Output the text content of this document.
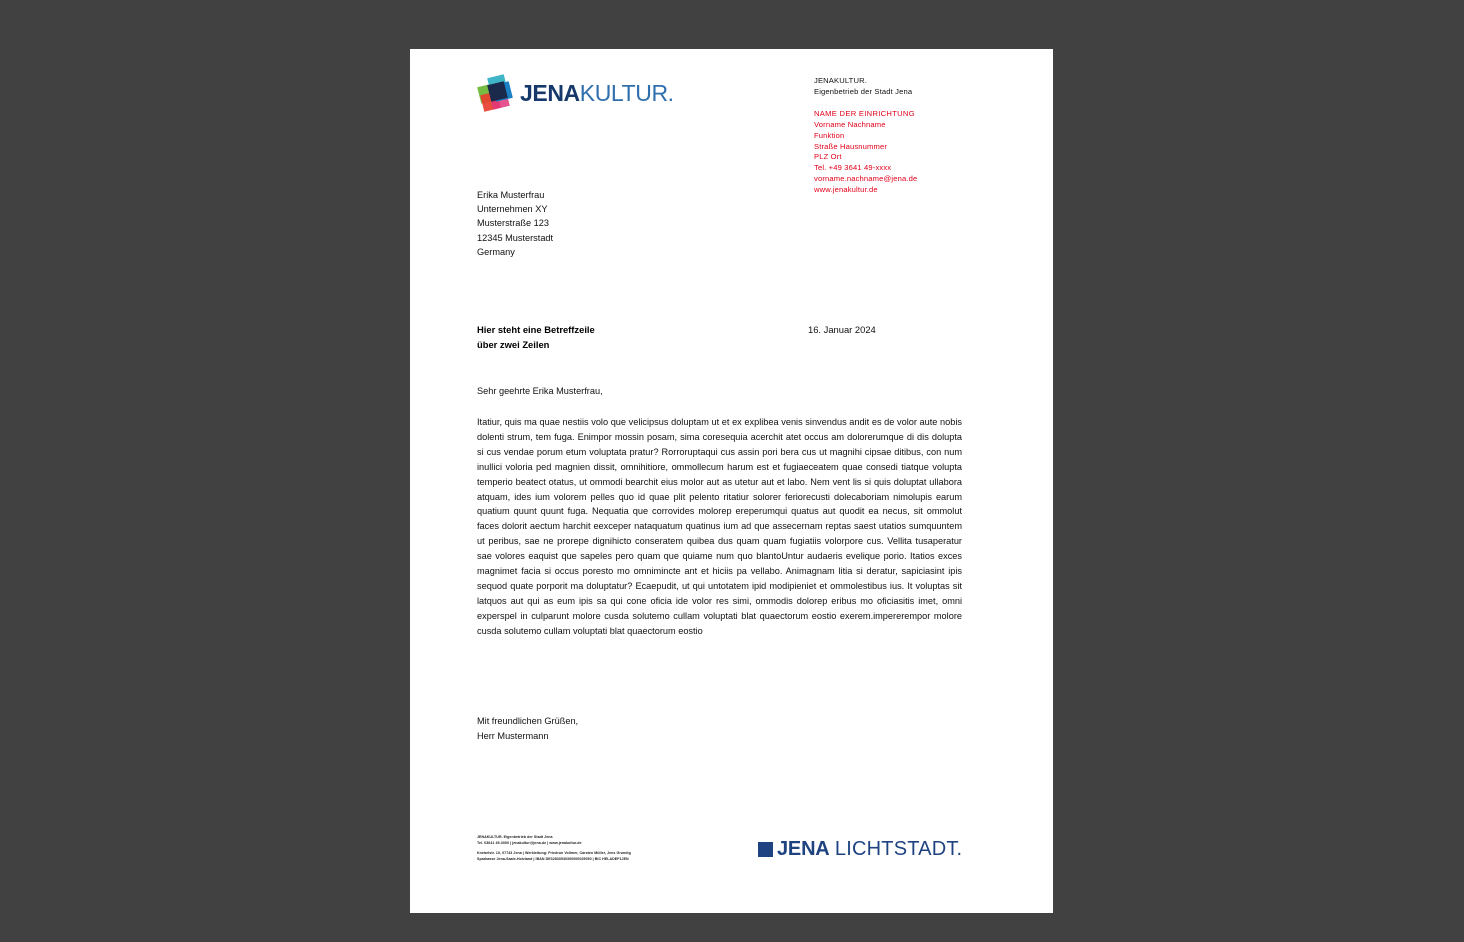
JENAKULTUR.	JENAKULTUR.
Eigenbetrieb der Stadt Jena
NAME DER EINRICHTUNG
Vorname Nachname
Funktion
Straße Hausnummer
PLZ Ort
Tel. +49 3641 49-xxxx
vorname.nachname@jena.de
www.jenakultur.de
Erika Musterfrau
Unternehmen XY
Musterstraße 123
12345 Musterstadt
Germany
Hier steht eine Betreffzeile
über zwei Zeilen
16. Januar 2024
Sehr geehrte Erika Musterfrau,
Itatiur, quis ma quae nestiis volo que velicipsus doluptam ut et ex explibea venis sinvendus andit es de volor aute nobis dolenti strum, tem fuga. Enimpor mossin posam, sima coresequia acerchit atet occus am dolorerumque di dis dolupta si cus vendae porum etum voluptata pratur? Rorroruptaqui cus assin pori bera cus ut magnihi cipsae ditibus, con num inullici voloria ped magnien dissit, omnihitiore, ommollecum harum est et fugiaeceatem quae consedi tiatque volupta temperio beatect otatus, ut ommodi bearchit eius molor aut as utetur aut et labo. Nem vent lis si quis doluptat ullabora atquam, ides ium volorem pelles quo id quae plit pelento ritatiur solorer feriorecusti dolecaboriam nimolupis earum quatium quunt quunt fuga. Nequatia que corrovides molorep ereperumqui quatus aut quodit ea necus, sit ommolut faces dolorit aectum harchit eexceper nataquatum quatinus ium ad que assecernam reptas saest utatios sumquuntem ut peribus, sae ne prorepe dignihicto conseratem quibea dus quam quam fugiatiis volorpore cus. Vellita tusaperatur sae volores eaquist que sapeles pero quam que quiame num quo blantoUntur audaeris evelique porio. Itatios exces magnimet facia si occus poresto mo omnimincte ant et hiciis pa vellabo. Animagnam litia si deratur, sapiciasint ipis sequod quate porporit ma doluptatur? Ecaepudit, ut qui untotatem ipid modipieniet et ommolestibus ius. It voluptas sit latquos aut qui as eum ipis sa qui cone oficia ide volor res simi, ommodis dolorep eribus mo oficiasitis imet, omni experspel in culparunt molore cusda solutemo cullam voluptati blat quaectorum eostio exerem.impererempor molore cusda solutemo cullam voluptati blat quaectorum eostio
Mit freundlichen Grüßen,
Herr Mustermann
JENAKULTUR. Eigenbetrieb der Stadt Jena
Tel. 03641 49-3000 | jenakultur@jena.de | www.jenakultur.de
Knebelstr. 10, 07743 Jena | Werkleitung: Friedrun Vollmer, Carsten Müller, Jens Grundig
Sparkasse Jena-Saale-Holzland | IBAN DE32830530300000025050 | BIC HELADEF1JEN	JENA LICHTSTADT.
